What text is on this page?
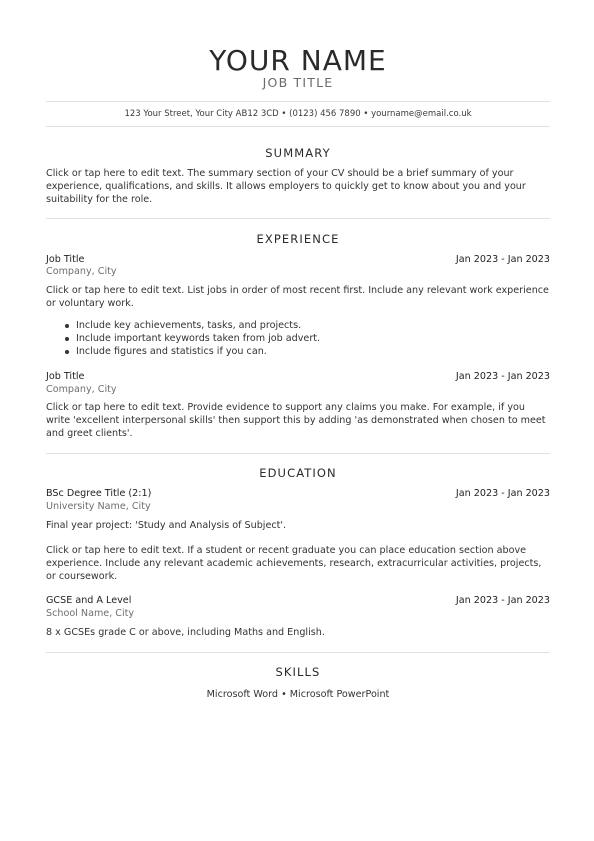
YOUR NAME
JOB TITLE
123 Your Street, Your City AB12 3CD • (0123) 456 7890 • yourname@email.co.uk
SUMMARY
Click or tap here to edit text. The summary section of your CV should be a brief summary of your experience, qualifications, and skills. It allows employers to quickly get to know about you and your suitability for the role.
EXPERIENCE
Job Title	Jan 2023 - Jan 2023
Company, City
Click or tap here to edit text. List jobs in order of most recent first. Include any relevant work experience or voluntary work.
Include key achievements, tasks, and projects.
Include important keywords taken from job advert.
Include figures and statistics if you can.
Job Title	Jan 2023 - Jan 2023
Company, City
Click or tap here to edit text. Provide evidence to support any claims you make. For example, if you write 'excellent interpersonal skills' then support this by adding 'as demonstrated when chosen to meet and greet clients'.
EDUCATION
BSc Degree Title (2:1)	Jan 2023 - Jan 2023
University Name, City
Final year project: 'Study and Analysis of Subject'.
Click or tap here to edit text. If a student or recent graduate you can place education section above experience. Include any relevant academic achievements, research, extracurricular activities, projects, or coursework.
GCSE and A Level	Jan 2023 - Jan 2023
School Name, City
8 x GCSEs grade C or above, including Maths and English.
SKILLS
Microsoft Word • Microsoft PowerPoint
